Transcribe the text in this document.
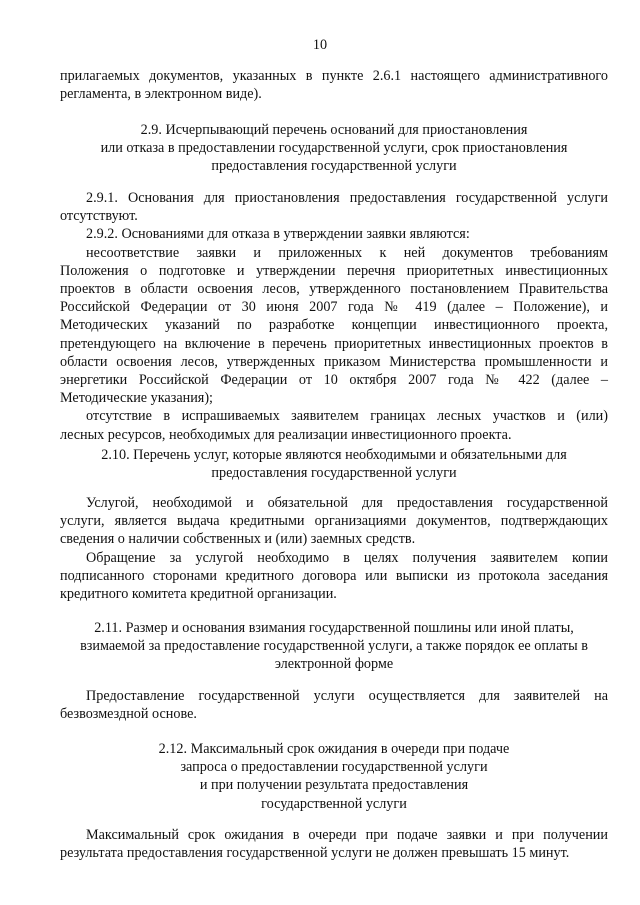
10
прилагаемых документов, указанных в пункте 2.6.1 настоящего административного
регламента, в электронном виде).
2.9. Исчерпывающий перечень оснований для приостановления
или отказа в предоставлении государственной услуги, срок приостановления
предоставления государственной услуги
2.9.1. Основания для приостановления предоставления государственной услуги
отсутствуют.
2.9.2. Основаниями для отказа в утверждении заявки являются:
несоответствие заявки и приложенных к ней документов требованиям
Положения о подготовке и утверждении перечня приоритетных инвестиционных
проектов в области освоения лесов, утвержденного постановлением Правительства
Российской Федерации от 30 июня 2007 года № 419 (далее – Положение), и
Методических указаний по разработке концепции инвестиционного проекта,
претендующего на включение в перечень приоритетных инвестиционных проектов в
области освоения лесов, утвержденных приказом Министерства промышленности и
энергетики Российской Федерации от 10 октября 2007 года № 422 (далее –
Методические указания);
отсутствие в испрашиваемых заявителем границах лесных участков и (или)
лесных ресурсов, необходимых для реализации инвестиционного проекта.
2.10. Перечень услуг, которые являются необходимыми и обязательными для
предоставления государственной услуги
Услугой, необходимой и обязательной для предоставления государственной
услуги, является выдача кредитными организациями документов, подтверждающих
сведения о наличии собственных и (или) заемных средств.
Обращение за услугой необходимо в целях получения заявителем копии
подписанного сторонами кредитного договора или выписки из протокола заседания
кредитного комитета кредитной организации.
2.11. Размер и основания взимания государственной пошлины или иной платы,
взимаемой за предоставление государственной услуги, а также порядок ее оплаты в
электронной форме
Предоставление государственной услуги осуществляется для заявителей на
безвозмездной основе.
2.12. Максимальный срок ожидания в очереди при подаче
запроса о предоставлении государственной услуги
и при получении результата предоставления
государственной услуги
Максимальный срок ожидания в очереди при подаче заявки и при получении
результата предоставления государственной услуги не должен превышать 15 минут.
